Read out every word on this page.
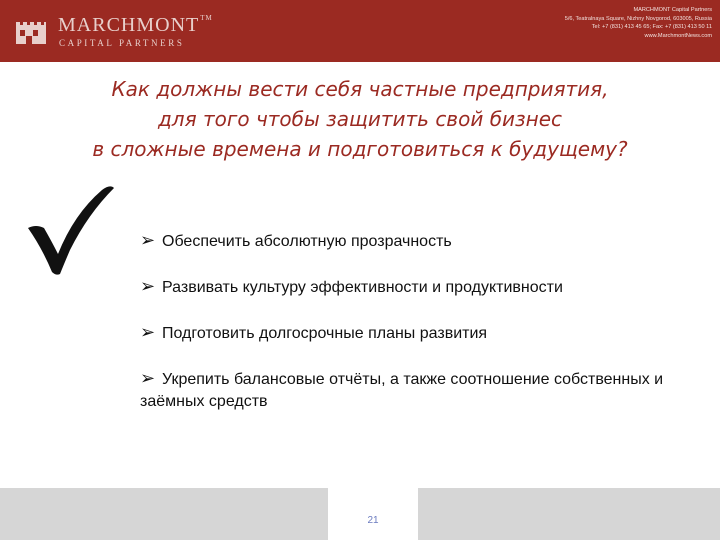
MARCHMONT™
CAPITAL PARTNERS
MARCHMONT Capital Partners
5/6, Teatralnaya Square, Nizhny Novgorod, 603005, Russia
Tel: +7 (831) 413 45 65; Fax: +7 (831) 413 50 11
www.MarchmontNews.com
Как должны вести себя частные предприятия,
для того чтобы защитить свой бизнес
в сложные времена и подготовиться к будущему?
➢ Обеспечить абсолютную прозрачность
➢ Развивать культуру эффективности и продуктивности
➢ Подготовить долгосрочные планы развития
➢ Укрепить балансовые отчёты, а также соотношение собственных и заёмных средств
21
